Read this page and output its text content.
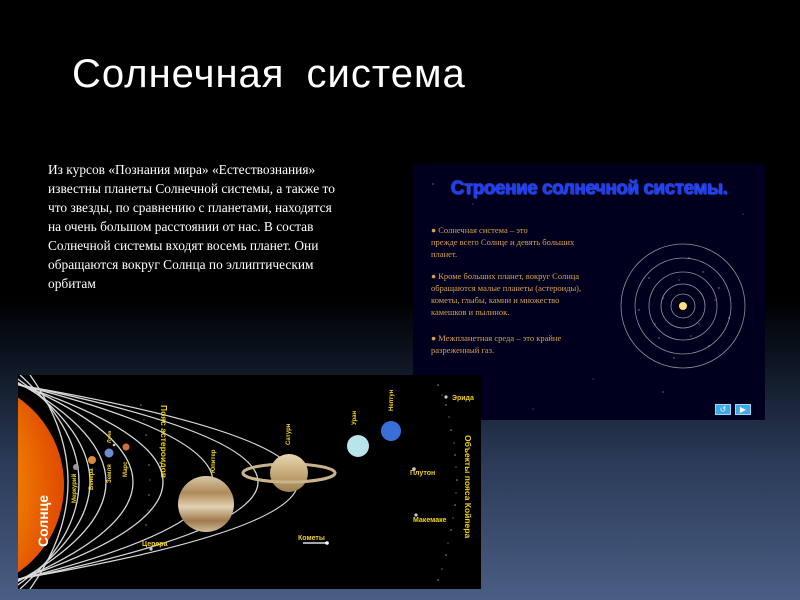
Солнечная система
Из курсов «Познания мира» «Естествознания»
известны планеты Солнечной системы, а также то
что звезды, по сравнению с планетами, находятся
на очень большом расстоянии от нас. В состав
Солнечной системы входят восемь планет. Они
обращаются вокруг Солнца по эллиптическим
орбитам
Строение солнечной системы.
● Солнечная система – это
прежде всего Солнце и девять больших
планет.
● Кроме больших планет, вокруг Солнца
обращаются малые планеты (астероиды),
кометы, глыбы, камни и множество
камешков и пылинок.
● Межпланетная среда – это крайне
разреженный газ.
↺	▶
Солнце
Меркурий Венера Земля
Луна
Марс	Пояс астероидов	Юпитер
Сатурн
Уран
Нептун	Эрида
Плутон
Макемаке
Церера
Кометы
Объекты пояса Койпера
